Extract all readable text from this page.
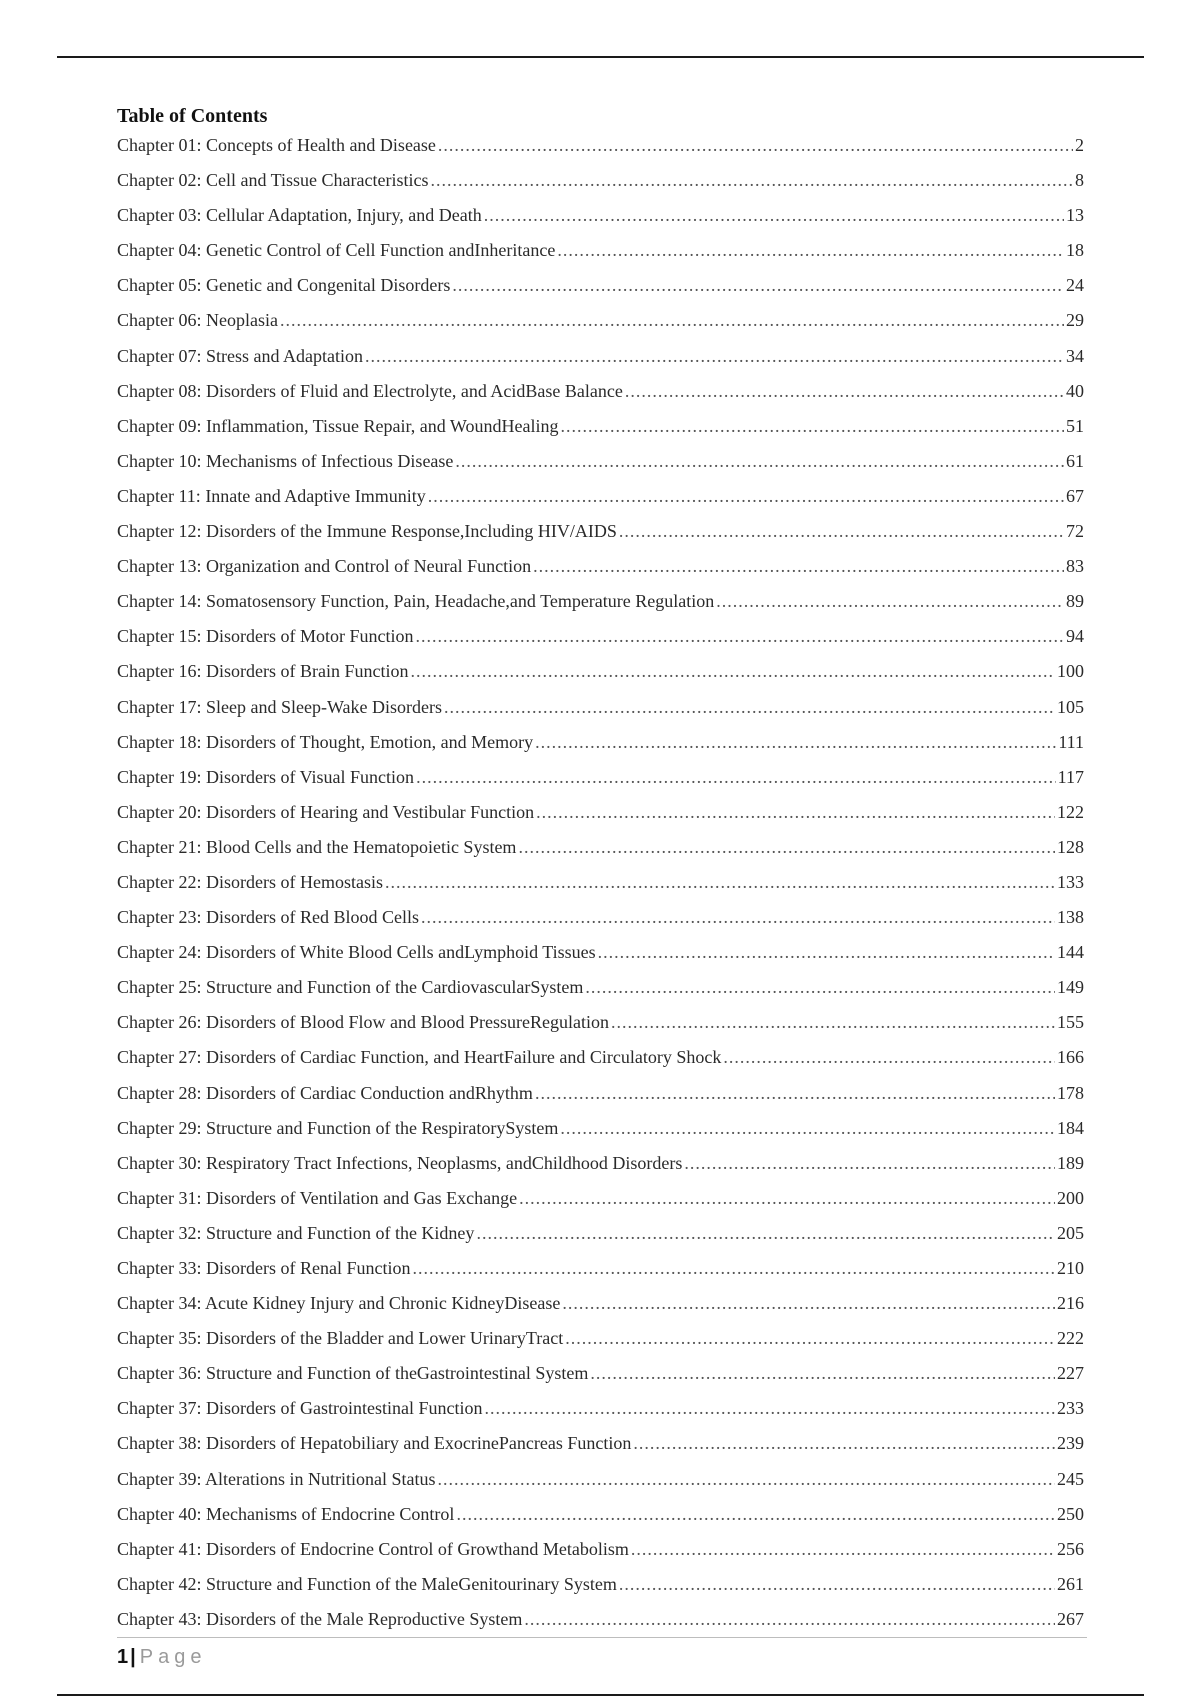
Table of Contents
Chapter 01: Concepts of Health and Disease .....	2
Chapter 02: Cell and Tissue Characteristics .....	8
Chapter 03: Cellular Adaptation, Injury, and Death .....	13
Chapter 04: Genetic Control of Cell Function andInheritance .....	18
Chapter 05: Genetic and Congenital Disorders .....	24
Chapter 06: Neoplasia .....	29
Chapter 07: Stress and Adaptation .....	34
Chapter 08: Disorders of Fluid and Electrolyte, and AcidBase Balance .....	40
Chapter 09: Inflammation, Tissue Repair, and WoundHealing .....	51
Chapter 10: Mechanisms of Infectious Disease .....	61
Chapter 11: Innate and Adaptive Immunity .....	67
Chapter 12: Disorders of the Immune Response,Including HIV/AIDS .....	72
Chapter 13: Organization and Control of Neural Function .....	83
Chapter 14: Somatosensory Function, Pain, Headache,and Temperature Regulation .....	89
Chapter 15: Disorders of Motor Function .....	94
Chapter 16: Disorders of Brain Function .....	100
Chapter 17: Sleep and Sleep-Wake Disorders .....	105
Chapter 18: Disorders of Thought, Emotion, and Memory .....	111
Chapter 19: Disorders of Visual Function .....	117
Chapter 20: Disorders of Hearing and Vestibular Function .....	122
Chapter 21: Blood Cells and the Hematopoietic System .....	128
Chapter 22: Disorders of Hemostasis .....	133
Chapter 23: Disorders of Red Blood Cells .....	138
Chapter 24: Disorders of White Blood Cells andLymphoid Tissues .....	144
Chapter 25: Structure and Function of the CardiovascularSystem .....	149
Chapter 26: Disorders of Blood Flow and Blood PressureRegulation .....	155
Chapter 27: Disorders of Cardiac Function, and HeartFailure and Circulatory Shock .....	166
Chapter 28: Disorders of Cardiac Conduction andRhythm .....	178
Chapter 29: Structure and Function of the RespiratorySystem .....	184
Chapter 30: Respiratory Tract Infections, Neoplasms, andChildhood Disorders .....	189
Chapter 31: Disorders of Ventilation and Gas Exchange .....	200
Chapter 32: Structure and Function of the Kidney .....	205
Chapter 33: Disorders of Renal Function .....	210
Chapter 34: Acute Kidney Injury and Chronic KidneyDisease .....	216
Chapter 35: Disorders of the Bladder and Lower UrinaryTract .....	222
Chapter 36: Structure and Function of theGastrointestinal System .....	227
Chapter 37: Disorders of Gastrointestinal Function .....	233
Chapter 38: Disorders of Hepatobiliary and ExocrinePancreas Function .....	239
Chapter 39: Alterations in Nutritional Status .....	245
Chapter 40: Mechanisms of Endocrine Control .....	250
Chapter 41: Disorders of Endocrine Control of Growthand Metabolism .....	256
Chapter 42: Structure and Function of the MaleGenitourinary System .....	261
Chapter 43: Disorders of the Male Reproductive System .....	267
1 | Page
